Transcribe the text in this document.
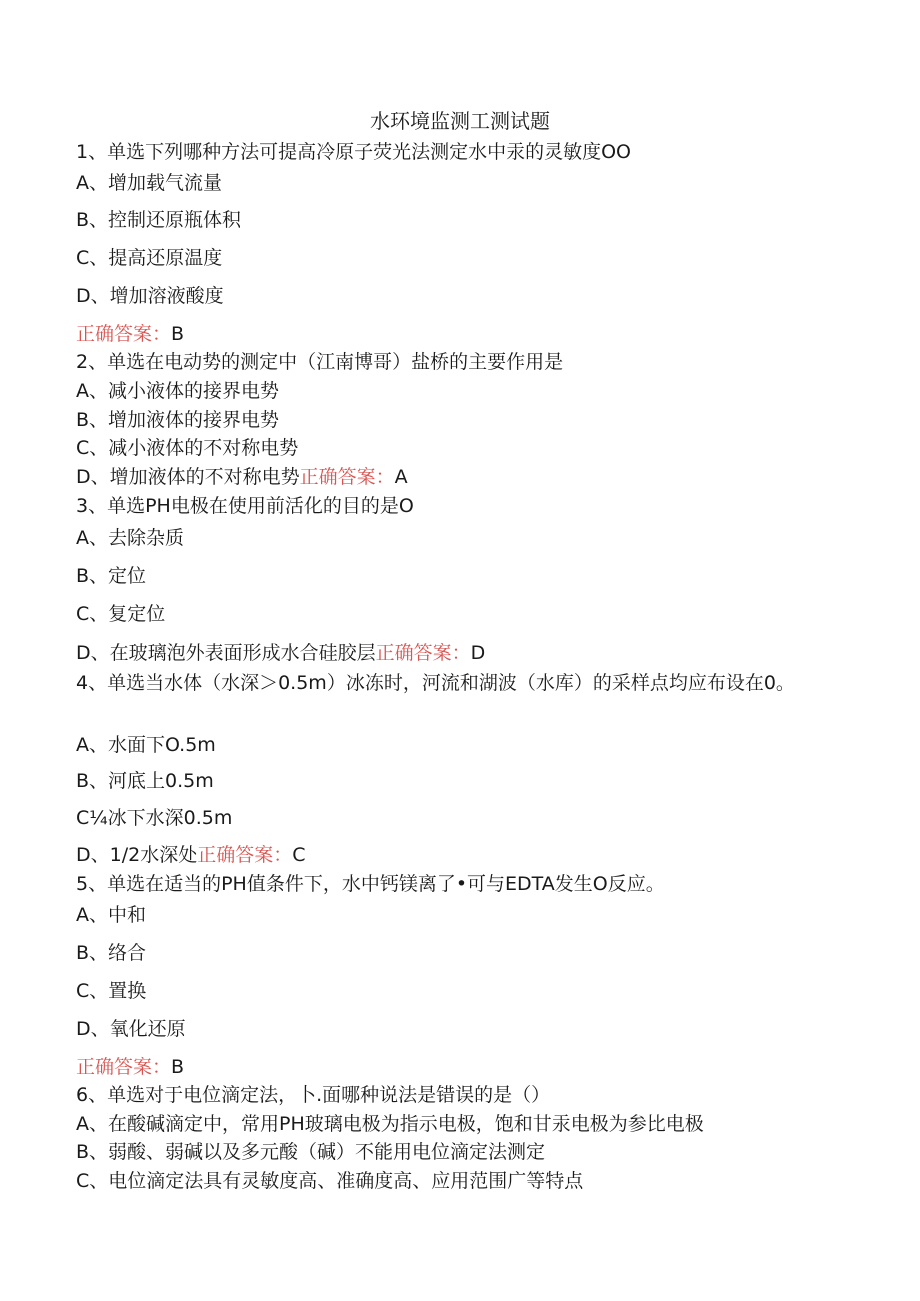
水环境监测工测试题
1、单选下列哪种方法可提高冷原子荧光法测定水中汞的灵敏度OO
A、增加载气流量
B、控制还原瓶体积
C、提高还原温度
D、增加溶液酸度
正确答案：B
2、单选在电动势的测定中（江南博哥）盐桥的主要作用是
A、减小液体的接界电势
B、增加液体的接界电势
C、减小液体的不对称电势
D、增加液体的不对称电势正确答案：A
3、单选PH电极在使用前活化的目的是O
A、去除杂质
B、定位
C、复定位
D、在玻璃泡外表面形成水合硅胶层正确答案：D
4、单选当水体（水深＞0.5m）冰冻时，河流和湖波（水库）的采样点均应布设在0。
A、水面下O.5m
B、河底上0.5m
C¼冰下水深0.5m
D、1/2水深处正确答案：C
5、单选在适当的PH值条件下，水中钙镁离了•可与EDTA发生O反应。
A、中和
B、络合
C、置换
D、氧化还原
正确答案：B
6、单选对于电位滴定法，卜.面哪种说法是错误的是（）
A、在酸碱滴定中，常用PH玻璃电极为指示电极，饱和甘汞电极为参比电极
B、弱酸、弱碱以及多元酸（碱）不能用电位滴定法测定
C、电位滴定法具有灵敏度高、准确度高、应用范围广等特点
